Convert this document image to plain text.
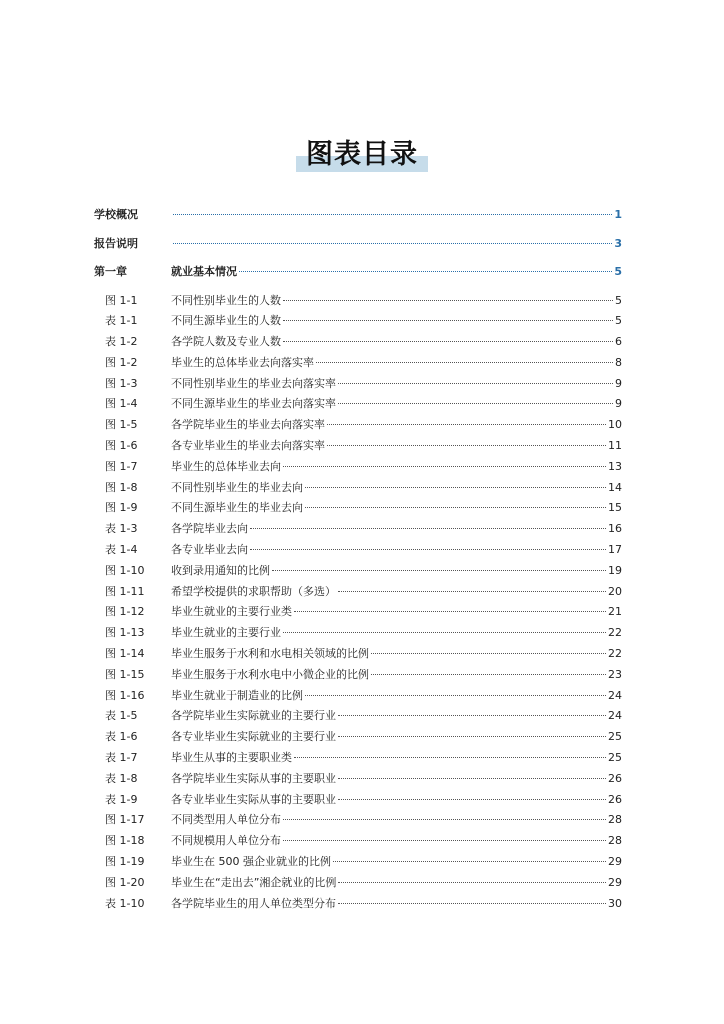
图表目录
学校概况	1
报告说明	3
第一章	就业基本情况	5
图 1-1	不同性别毕业生的人数	5
表 1-1	不同生源毕业生的人数	5
表 1-2	各学院人数及专业人数	6
图 1-2	毕业生的总体毕业去向落实率	8
图 1-3	不同性别毕业生的毕业去向落实率	9
图 1-4	不同生源毕业生的毕业去向落实率	9
图 1-5	各学院毕业生的毕业去向落实率	10
图 1-6	各专业毕业生的毕业去向落实率	11
图 1-7	毕业生的总体毕业去向	13
图 1-8	不同性别毕业生的毕业去向	14
图 1-9	不同生源毕业生的毕业去向	15
表 1-3	各学院毕业去向	16
表 1-4	各专业毕业去向	17
图 1-10	收到录用通知的比例	19
图 1-11	希望学校提供的求职帮助（多选）	20
图 1-12	毕业生就业的主要行业类	21
图 1-13	毕业生就业的主要行业	22
图 1-14	毕业生服务于水利和水电相关领域的比例	22
图 1-15	毕业生服务于水利水电中小微企业的比例	23
图 1-16	毕业生就业于制造业的比例	24
表 1-5	各学院毕业生实际就业的主要行业	24
表 1-6	各专业毕业生实际就业的主要行业	25
表 1-7	毕业生从事的主要职业类	25
表 1-8	各学院毕业生实际从事的主要职业	26
表 1-9	各专业毕业生实际从事的主要职业	26
图 1-17	不同类型用人单位分布	28
图 1-18	不同规模用人单位分布	28
图 1-19	毕业生在 500 强企业就业的比例	29
图 1-20	毕业生在“走出去”湘企就业的比例	29
表 1-10	各学院毕业生的用人单位类型分布	30
